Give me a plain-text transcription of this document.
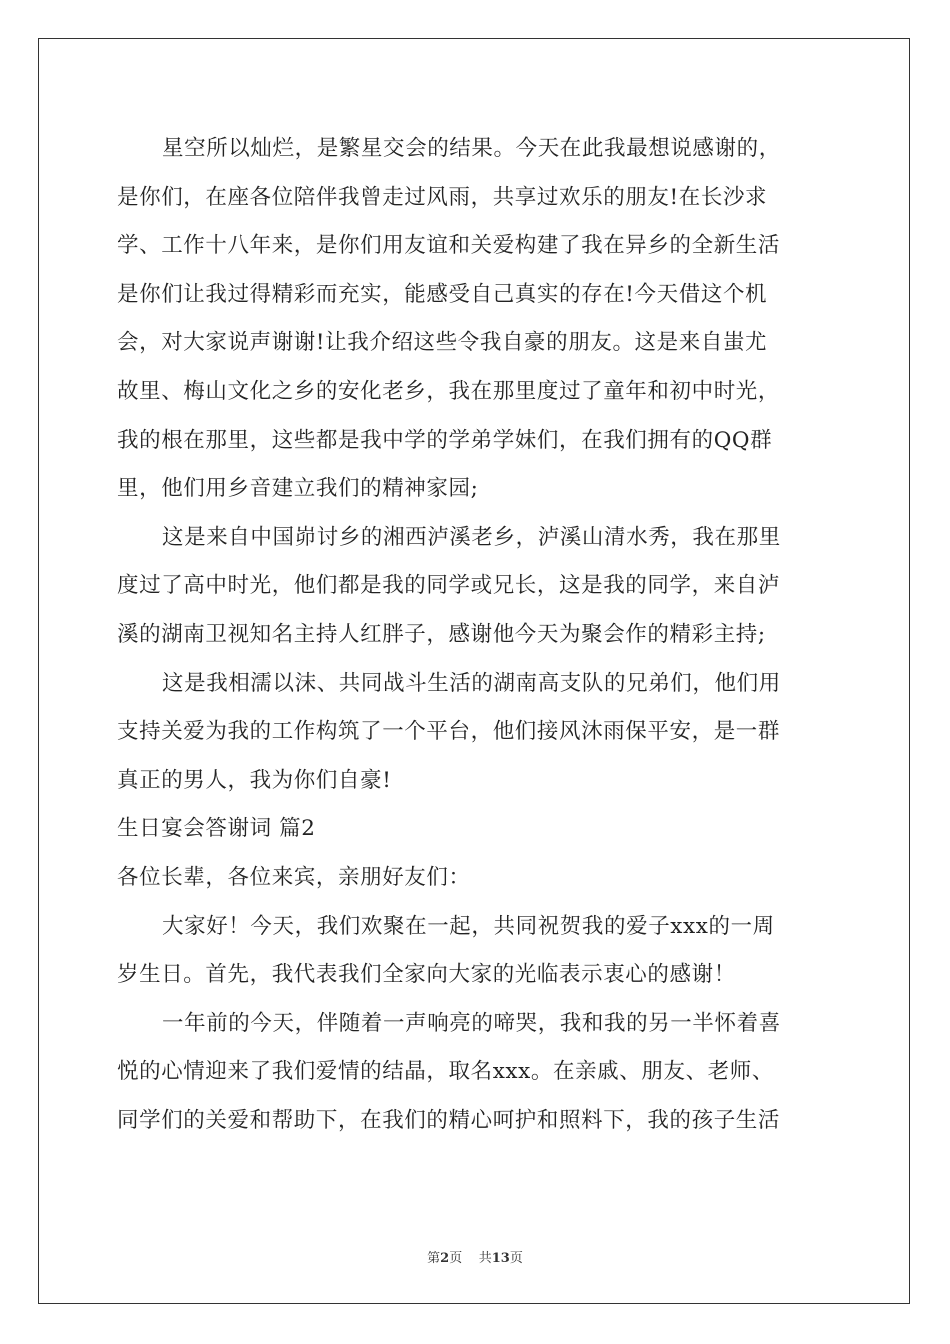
星空所以灿烂，是繁星交会的结果。今天在此我最想说感谢的，
是你们，在座各位陪伴我曾走过风雨，共享过欢乐的朋友!在长沙求
学、工作十八年来，是你们用友谊和关爱构建了我在异乡的全新生活
是你们让我过得精彩而充实，能感受自己真实的存在!今天借这个机
会，对大家说声谢谢!让我介绍这些令我自豪的朋友。这是来自蚩尤
故里、梅山文化之乡的安化老乡，我在那里度过了童年和初中时光，
我的根在那里，这些都是我中学的学弟学妹们，在我们拥有的QQ群
里，他们用乡音建立我们的精神家园;
这是来自中国峁讨乡的湘西泸溪老乡，泸溪山清水秀，我在那里
度过了高中时光，他们都是我的同学或兄长，这是我的同学，来自泸
溪的湖南卫视知名主持人红胖子，感谢他今天为聚会作的精彩主持;
这是我相濡以沫、共同战斗生活的湖南高支队的兄弟们，他们用
支持关爱为我的工作构筑了一个平台，他们接风沐雨保平安，是一群
真正的男人，我为你们自豪!
生日宴会答谢词 篇2
各位长辈，各位来宾，亲朋好友们：
大家好！今天，我们欢聚在一起，共同祝贺我的爱子xxx的一周
岁生日。首先，我代表我们全家向大家的光临表示衷心的感谢！
一年前的今天，伴随着一声响亮的啼哭，我和我的另一半怀着喜
悦的心情迎来了我们爱情的结晶，取名xxx。在亲戚、朋友、老师、
同学们的关爱和帮助下，在我们的精心呵护和照料下，我的孩子生活
第2页 共13页
